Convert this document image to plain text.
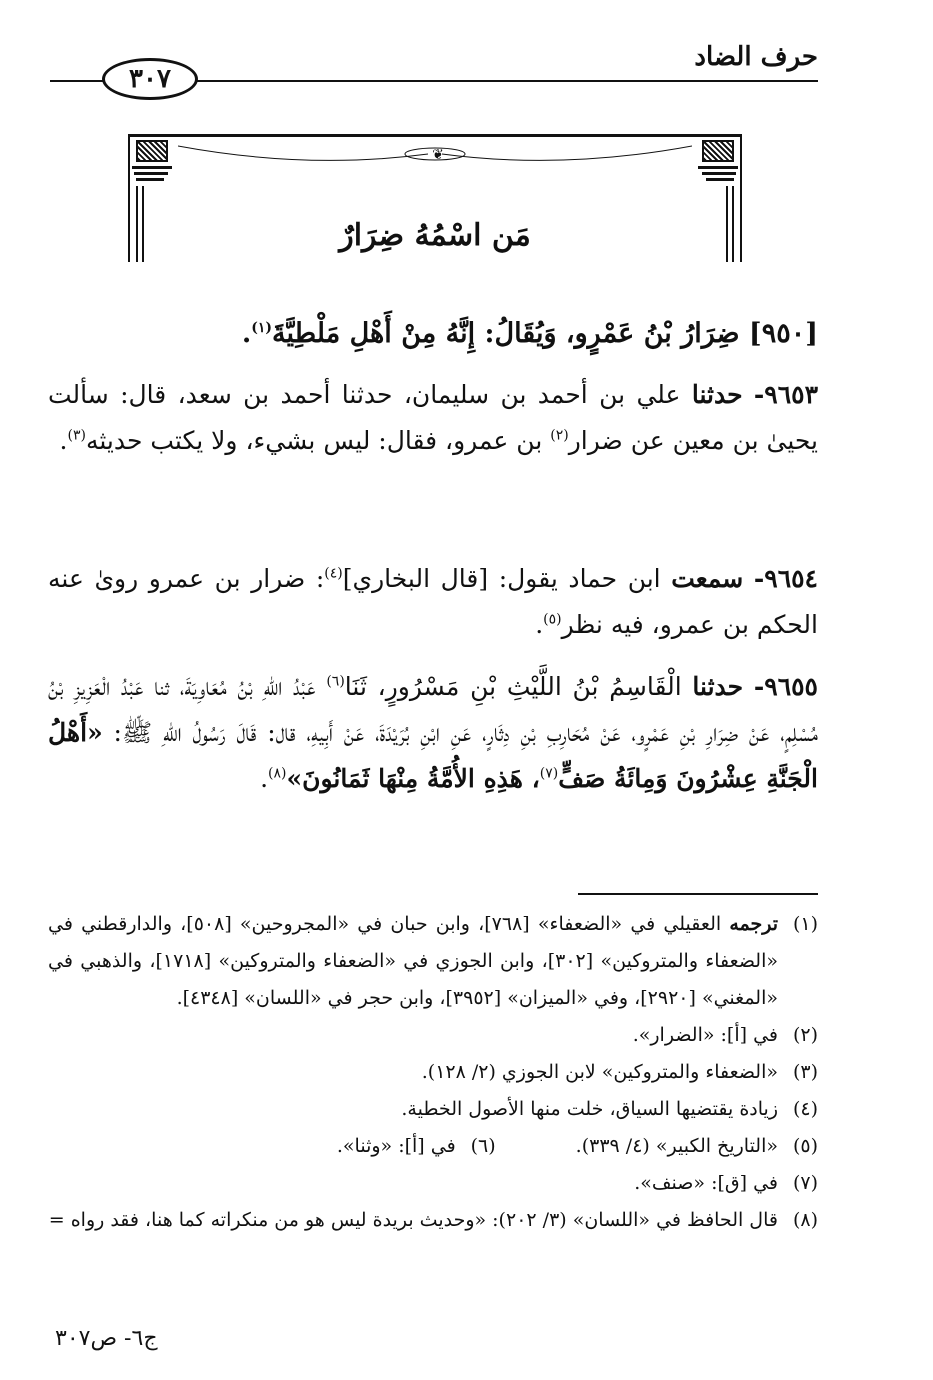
حرف الضاد
٣٠٧
❦
مَن اسْمُهُ ضِرَارٌ
[٩٥٠] ضِرَارُ بْنُ عَمْرٍو، وَيُقَالُ: إِنَّهُ مِنْ أَهْلِ مَلْطِيَّةَ$^{(١)}$.
٩٦٥٣- حدثنا علي بن أحمد بن سليمان، حدثنا أحمد بن سعد، قال: سألت يحيىٰ بن معين عن ضرار$^{(٢)}$ بن عمرو، فقال: ليس بشيء، ولا يكتب حديثه$^{(٣)}$.
٩٦٥٤- سمعت ابن حماد يقول: [قال البخاري]$^{(٤)}$: ضرار بن عمرو روىٰ عنه الحكم بن عمرو، فيه نظر$^{(٥)}$.
٩٦٥٥- حدثنا الْقَاسِمُ بْنُ اللَّيْثِ بْنِ مَسْرُورٍ، ثَنَا$^{(٦)}$ عَبْدُ اللهِ بْنُ مُعَاوِيَةَ، ثنا عَبْدُ الْعَزِيزِ بْنُ مُسْلِمٍ، عَنْ ضِرَارِ بْنِ عَمْرٍو، عَنْ مُحَارِبِ بْنِ دِثَارٍ، عَنِ ابْنِ بُرَيْدَةَ، عَنْ أَبِيهِ، قال: قَالَ رَسُولُ اللهِ ﷺ: «أَهْلُ الْجَنَّةِ عِشْرُونَ وَمِائَةُ صَفٍّ$^{(٧)}$، هَذِهِ الأُمَّةُ مِنْهَا ثَمَانُونَ»$^{(٨)}$.
(١)
ترجمه العقيلي في «الضعفاء» [٧٦٨]، وابن حبان في «المجروحين» [٥٠٨]، والدارقطني في «الضعفاء والمتروكين» [٣٠٢]، وابن الجوزي في «الضعفاء والمتروكين» [١٧١٨]، والذهبي في «المغني» [٢٩٢٠]، وفي «الميزان» [٣٩٥٢]، وابن حجر في «اللسان» [٤٣٤٨].
(٢)
في [أ]: «الضرار».
(٣)
«الضعفاء والمتروكين» لابن الجوزي (٢/ ١٢٨).
(٤)
زيادة يقتضيها السياق، خلت منها الأصول الخطية.
(٥)
«التاريخ الكبير» (٤/ ٣٣٩).
(٦)
في [أ]: «وثنا».
(٧)
في [ق]: «صنف».
(٨)
قال الحافظ في «اللسان» (٣/ ٢٠٢): «وحديث بريدة ليس هو من منكراته كما هنا، فقد رواه =
ج٦- ص٣٠٧
